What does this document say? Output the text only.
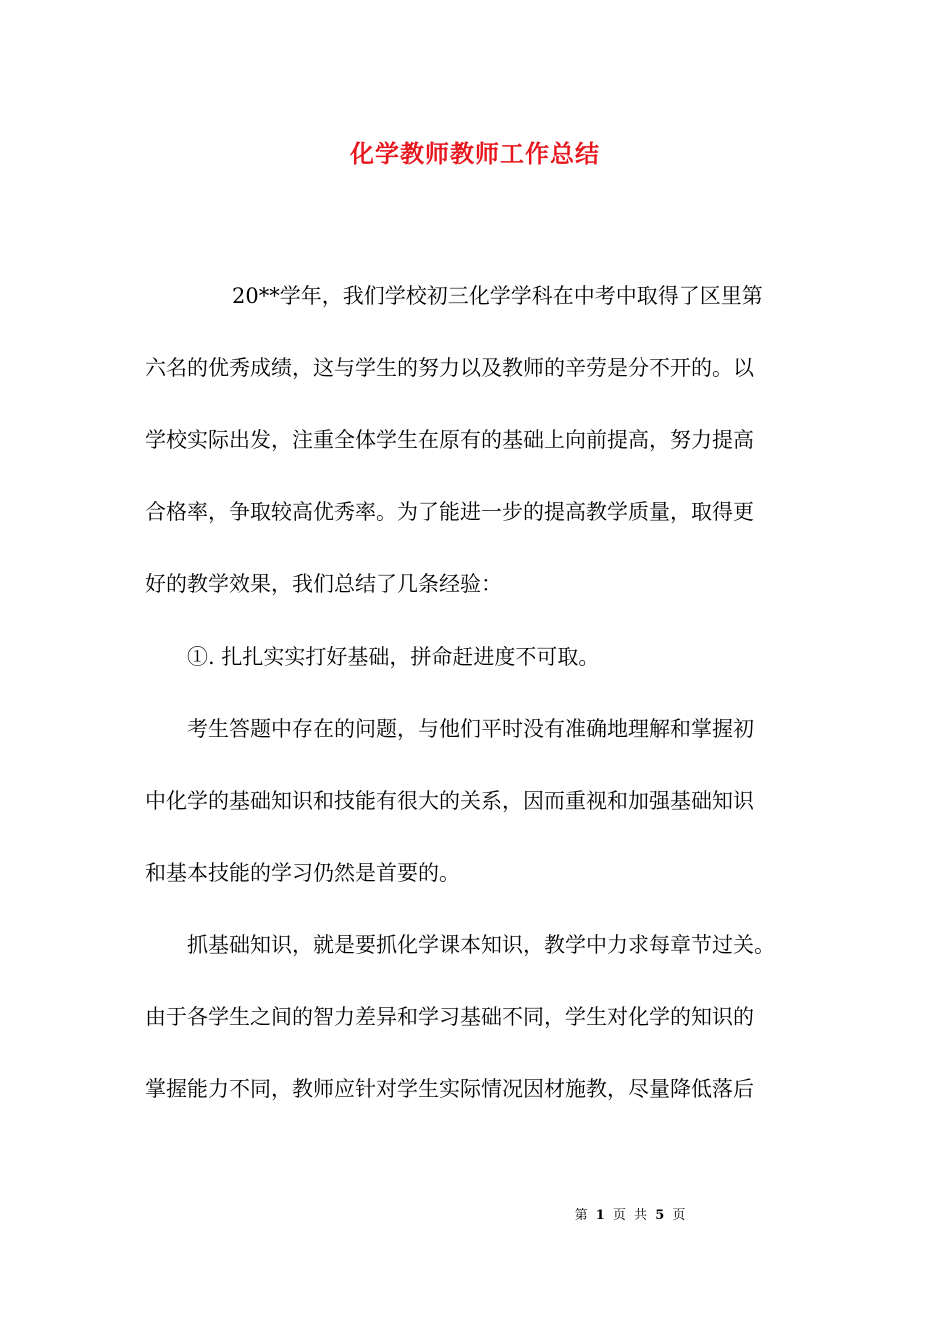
化学教师教师工作总结
20**学年，我们学校初三化学学科在中考中取得了区里第
六名的优秀成绩，这与学生的努力以及教师的辛劳是分不开的。以
学校实际出发，注重全体学生在原有的基础上向前提高，努力提高
合格率，争取较高优秀率。为了能进一步的提高教学质量，取得更
好的教学效果，我们总结了几条经验：
①. 扎扎实实打好基础，拼命赶进度不可取。
考生答题中存在的问题，与他们平时没有准确地理解和掌握初
中化学的基础知识和技能有很大的关系，因而重视和加强基础知识
和基本技能的学习仍然是首要的。
抓基础知识，就是要抓化学课本知识，教学中力求每章节过关。
由于各学生之间的智力差异和学习基础不同，学生对化学的知识的
掌握能力不同，教师应针对学生实际情况因材施教，尽量降低落后
第 1 页 共 5 页
